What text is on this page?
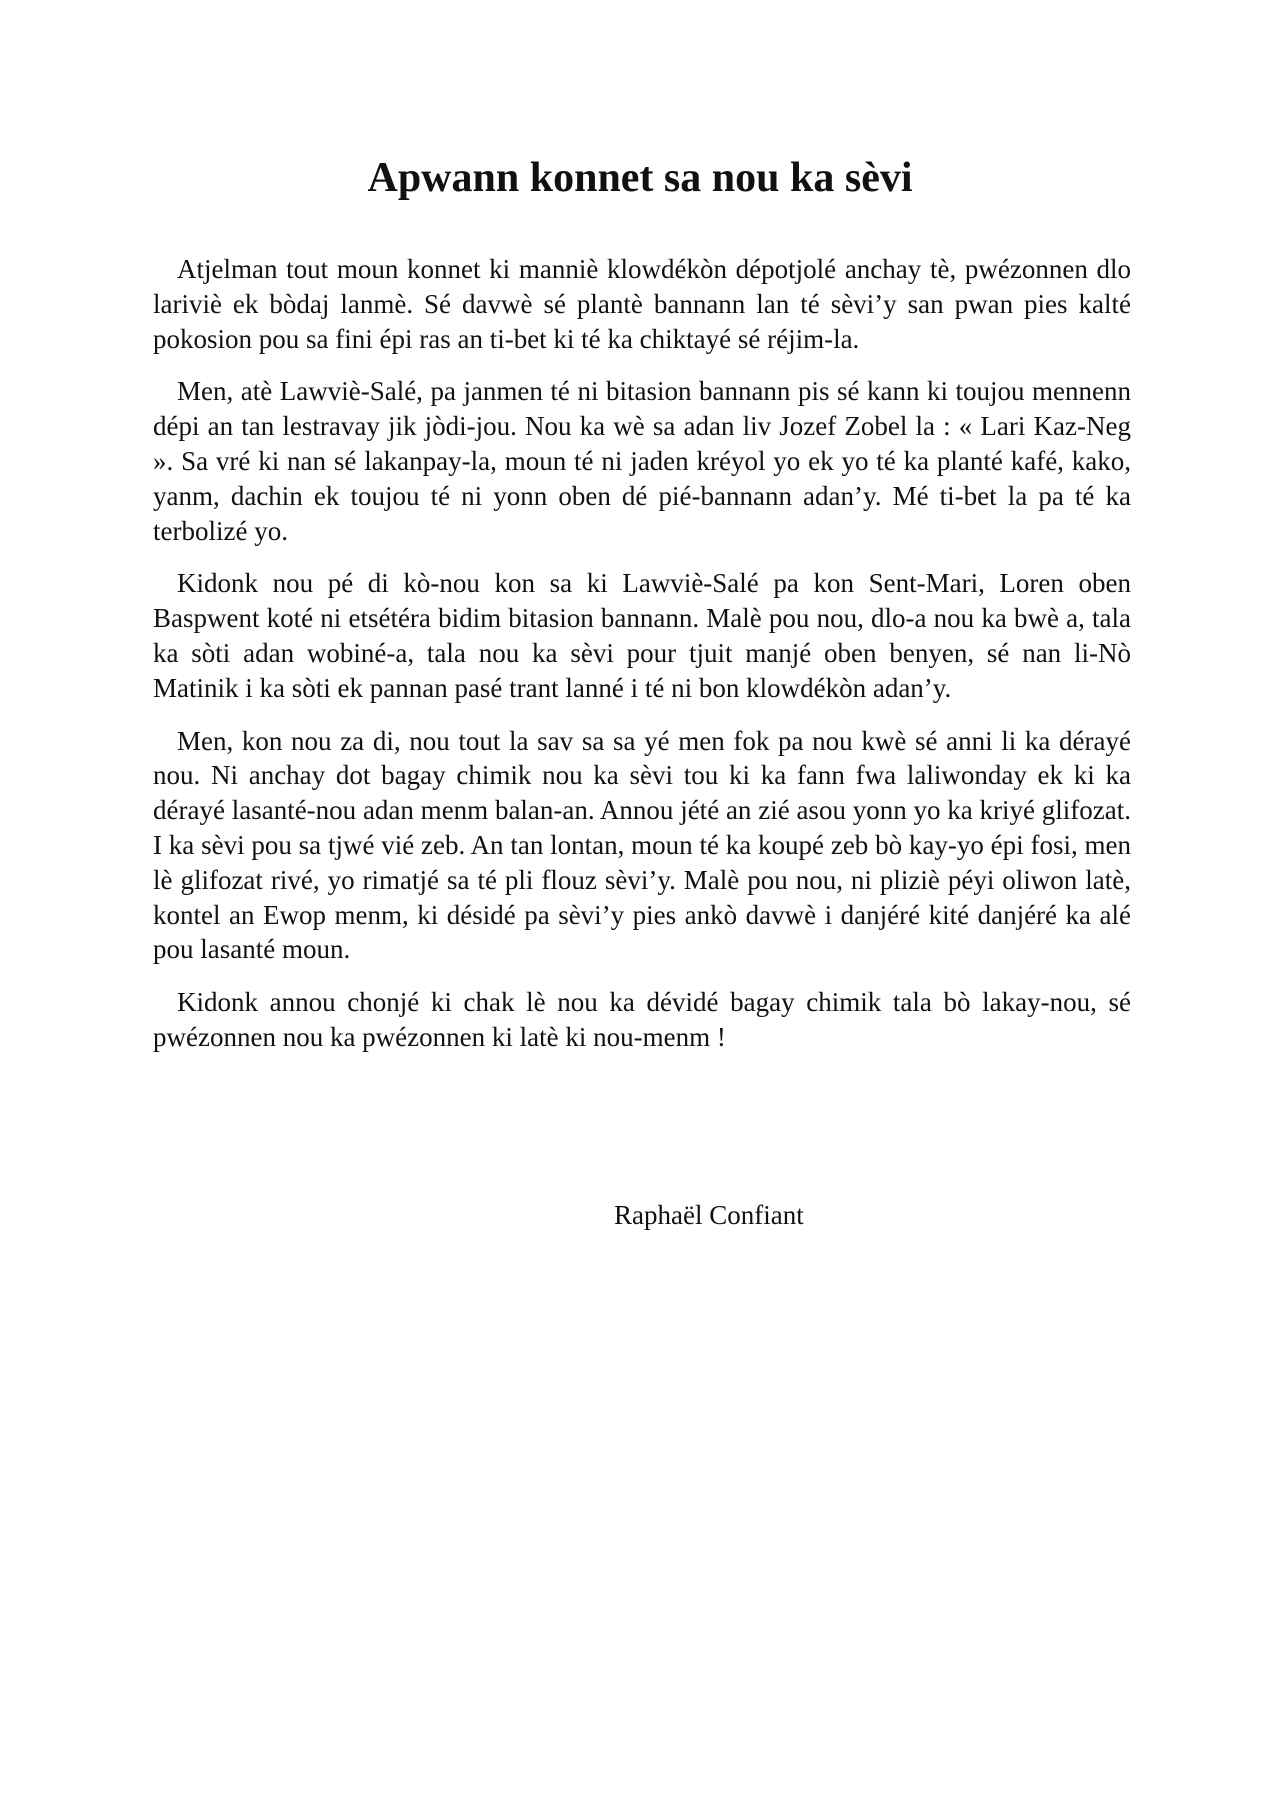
Apwann konnet sa nou ka sèvi

Atjelman tout moun konnet ki manniè klowdékòn dépotjolé anchay tè, pwézonnen dlo lariviè ek bòdaj lanmè. Sé davwè sé plantè bannann lan té sèvi’y san pwan pies kalté pokosion pou sa fini épi ras an ti-bet ki té ka chiktayé sé réjim-la.

Men, atè Lawviè-Salé, pa janmen té ni bitasion bannann pis sé kann ki toujou mennenn dépi an tan lestravay jik jòdi-jou. Nou ka wè sa adan liv Jozef Zobel la : « Lari Kaz-Neg ». Sa vré ki nan sé lakanpay-la, moun té ni jaden kréyol yo ek yo té ka planté kafé, kako, yanm, dachin ek toujou té ni yonn oben dé pié-bannann adan’y. Mé ti-bet la pa té ka terbolizé yo.

Kidonk nou pé di kò-nou kon sa ki Lawviè-Salé pa kon Sent-Mari, Loren oben Baspwent koté ni etsétéra bidim bitasion bannann. Malè pou nou, dlo-a nou ka bwè a, tala ka sòti adan wobiné-a, tala nou ka sèvi pour tjuit manjé oben benyen, sé nan li-Nò Matinik i ka sòti ek pannan pasé trant lanné i té ni bon klowdékòn adan’y.

Men, kon nou za di, nou tout la sav sa sa yé men fok pa nou kwè sé anni li ka dérayé nou. Ni anchay dot bagay chimik nou ka sèvi tou ki ka fann fwa laliwonday ek ki ka dérayé lasanté-nou adan menm balan-an. Annou jété an zié asou yonn yo ka kriyé glifozat. I ka sèvi pou sa tjwé vié zeb. An tan lontan, moun té ka koupé zeb bò kay-yo épi fosi, men lè glifozat rivé, yo rimatjé sa té pli flouz sèvi’y. Malè pou nou, ni pliziè péyi oliwon latè, kontel an Ewop menm, ki désidé pa sèvi’y pies ankò davwè i danjéré kité danjéré ka alé pou lasanté moun.

Kidonk annou chonjé ki chak lè nou ka dévidé bagay chimik tala bò lakay-nou, sé pwézonnen nou ka pwézonnen ki latè ki nou-menm !

Raphaël Confiant
